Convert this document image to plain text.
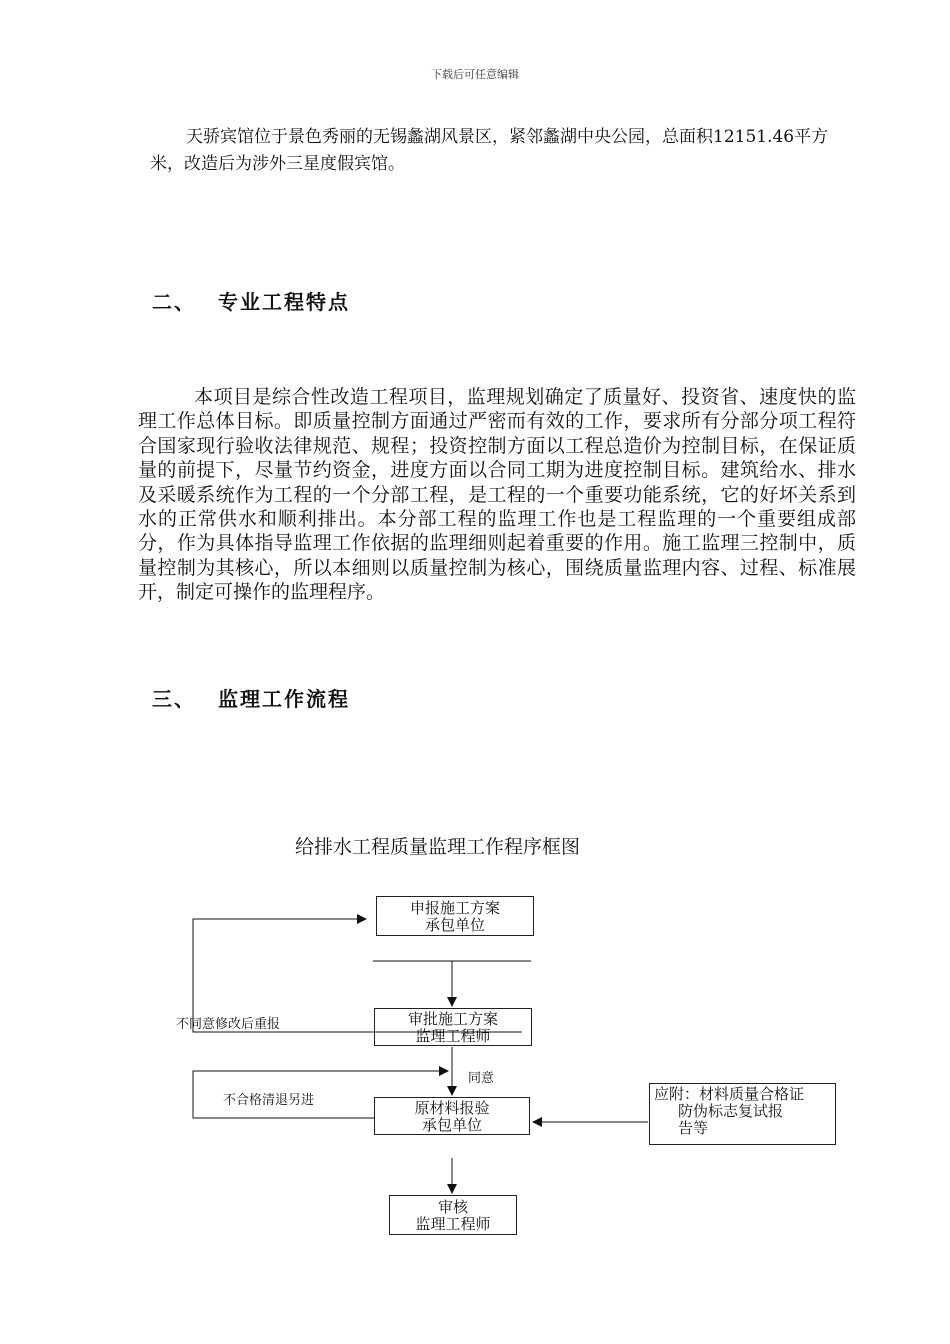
下载后可任意编辑
天骄宾馆位于景色秀丽的无锡蠡湖风景区，紧邻蠡湖中央公园，总面积12151.46平方米，改造后为涉外三星度假宾馆。
二、 专业工程特点
本项目是综合性改造工程项目，监理规划确定了质量好、投资省、速度快的监理工作总体目标。即质量控制方面通过严密而有效的工作，要求所有分部分项工程符合国家现行验收法律规范、规程；投资控制方面以工程总造价为控制目标，在保证质量的前提下，尽量节约资金，进度方面以合同工期为进度控制目标。建筑给水、排水及采暖系统作为工程的一个分部工程，是工程的一个重要功能系统，它的好坏关系到水的正常供水和顺利排出。本分部工程的监理工作也是工程监理的一个重要组成部分，作为具体指导监理工作依据的监理细则起着重要的作用。施工监理三控制中，质量控制为其核心，所以本细则以质量控制为核心，围绕质量监理内容、过程、标准展开，制定可操作的监理程序。
三、 监理工作流程
给排水工程质量监理工作程序框图
申报施工方案
承包单位
审批施工方案
监理工程师
原材料报验
承包单位
审核
监理工程师
应附：材料质量合格证
防伪标志复试报
告等
不同意修改后重报
同意
不合格清退另进
